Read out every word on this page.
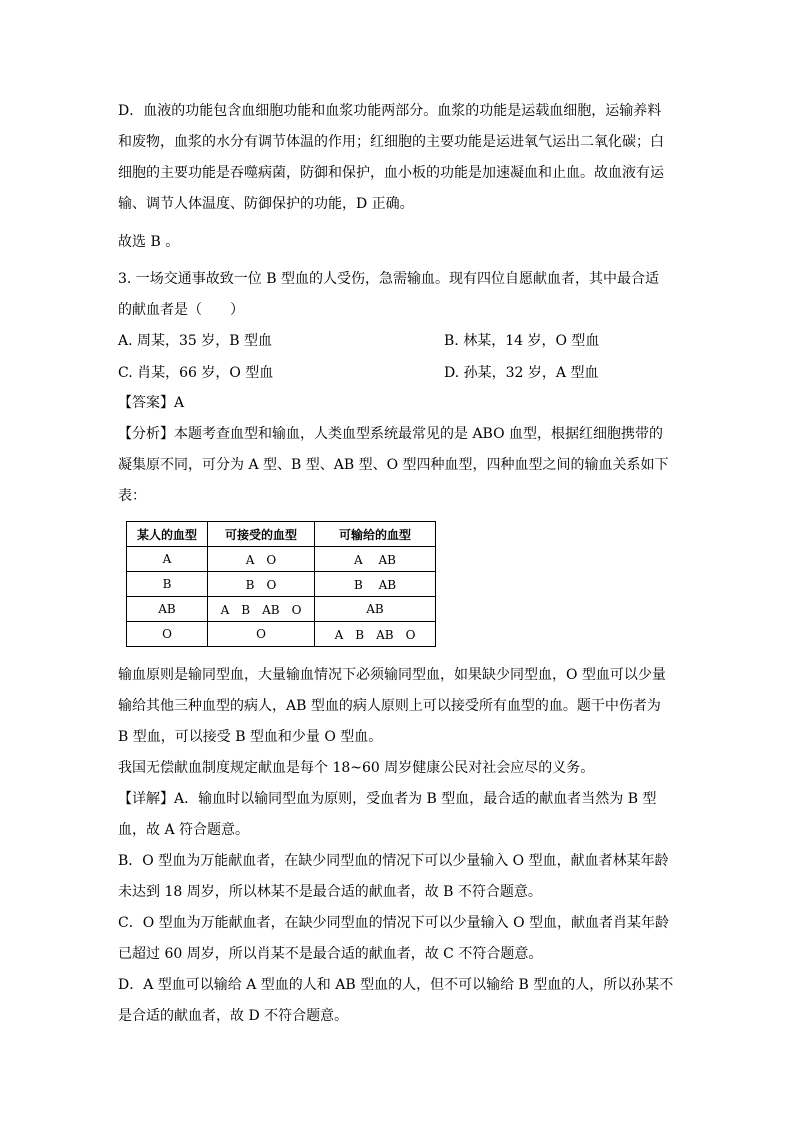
D．血液的功能包含血细胞功能和血浆功能两部分。血浆的功能是运载血细胞，运输养料
和废物，血浆的水分有调节体温的作用；红细胞的主要功能是运进氧气运出二氧化碳；白
细胞的主要功能是吞噬病菌，防御和保护，血小板的功能是加速凝血和止血。故血液有运
输、调节人体温度、防御保护的功能，D 正确。
故选 B 。
3. 一场交通事故致一位 B 型血的人受伤，急需输血。现有四位自愿献血者，其中最合适
的献血者是（　　）
A. 周某，35 岁，B 型血	B. 林某，14 岁，O 型血
C. 肖某，66 岁，O 型血	D. 孙某，32 岁，A 型血
【答案】A
【分析】本题考查血型和输血，人类血型系统最常见的是 ABO 血型，根据红细胞携带的
凝集原不同，可分为 A 型、B 型、AB 型、O 型四种血型，四种血型之间的输血关系如下
表：
某人的血型	可接受的血型	可输给的血型
A	A　O	A　 AB
B	B　O	B　 AB
AB	A　B　AB　O	AB
O	O	A　B　AB　O
输血原则是输同型血，大量输血情况下必须输同型血，如果缺少同型血，O 型血可以少量
输给其他三种血型的病人，AB 型血的病人原则上可以接受所有血型的血。题干中伤者为
B 型血，可以接受 B 型血和少量 O 型血。
我国无偿献血制度规定献血是每个 18~60 周岁健康公民对社会应尽的义务。
【详解】A．输血时以输同型血为原则，受血者为 B 型血，最合适的献血者当然为 B 型
血，故 A 符合题意。
B．O 型血为万能献血者，在缺少同型血的情况下可以少量输入 O 型血，献血者林某年龄
未达到 18 周岁，所以林某不是最合适的献血者，故 B 不符合题意。
C．O 型血为万能献血者，在缺少同型血的情况下可以少量输入 O 型血，献血者肖某年龄
已超过 60 周岁，所以肖某不是最合适的献血者，故 C 不符合题意。
D．A 型血可以输给 A 型血的人和 AB 型血的人，但不可以输给 B 型血的人，所以孙某不
是合适的献血者，故 D 不符合题意。
